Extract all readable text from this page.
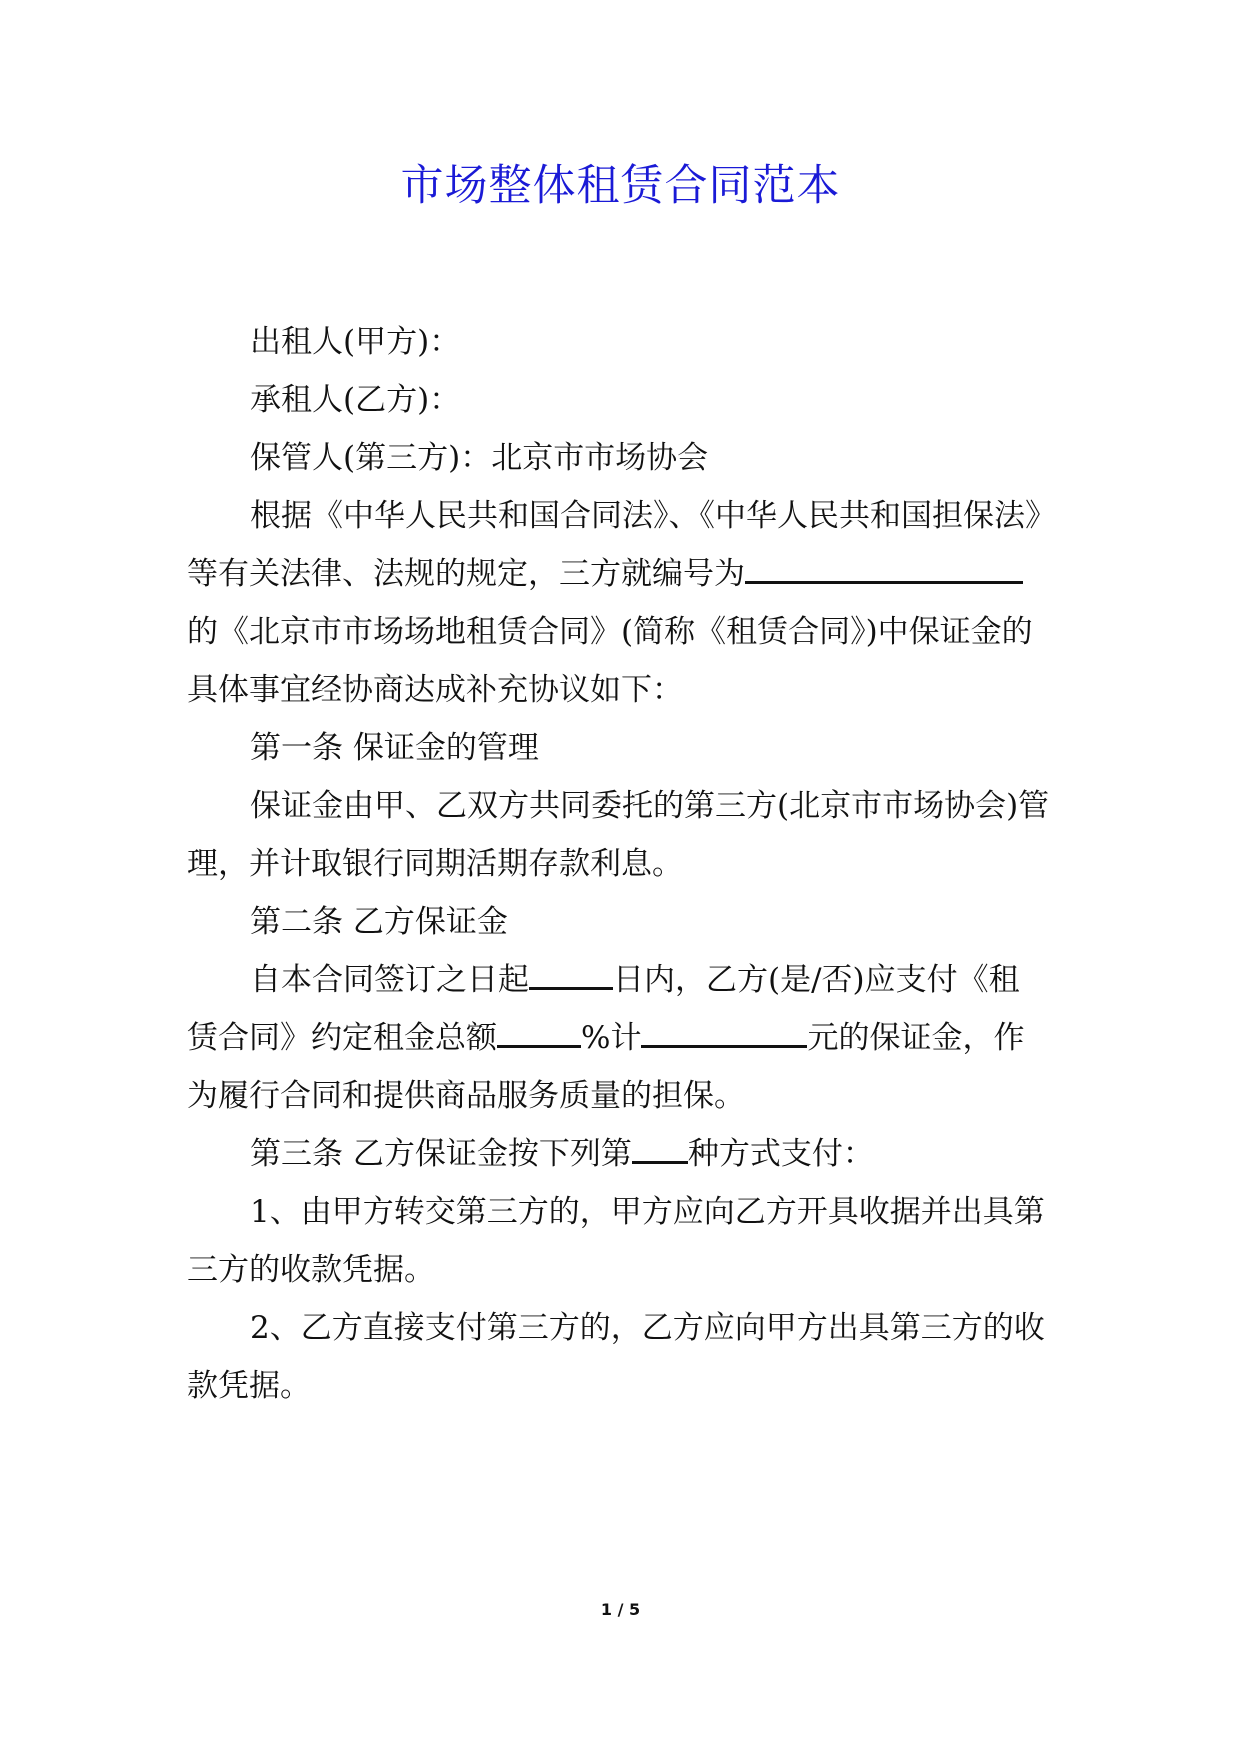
市场整体租赁合同范本
出租人(甲方)：
承租人(乙方)：
保管人(第三方)：北京市市场协会
根据《中华人民共和国合同法》、《中华人民共和国担保法》
等有关法律、法规的规定，三方就编号为
的《北京市市场场地租赁合同》(简称《租赁合同》)中保证金的
具体事宜经协商达成补充协议如下：
第一条 保证金的管理
保证金由甲、乙双方共同委托的第三方(北京市市场协会)管
理，并计取银行同期活期存款利息。
第二条 乙方保证金
自本合同签订之日起	日内，乙方(是/否)应支付《租
赁合同》约定租金总额	%计	元的保证金，作
为履行合同和提供商品服务质量的担保。
第三条 乙方保证金按下列第 种方式支付：
1、由甲方转交第三方的，甲方应向乙方开具收据并出具第
三方的收款凭据。
2、乙方直接支付第三方的，乙方应向甲方出具第三方的收
款凭据。
1 / 5
